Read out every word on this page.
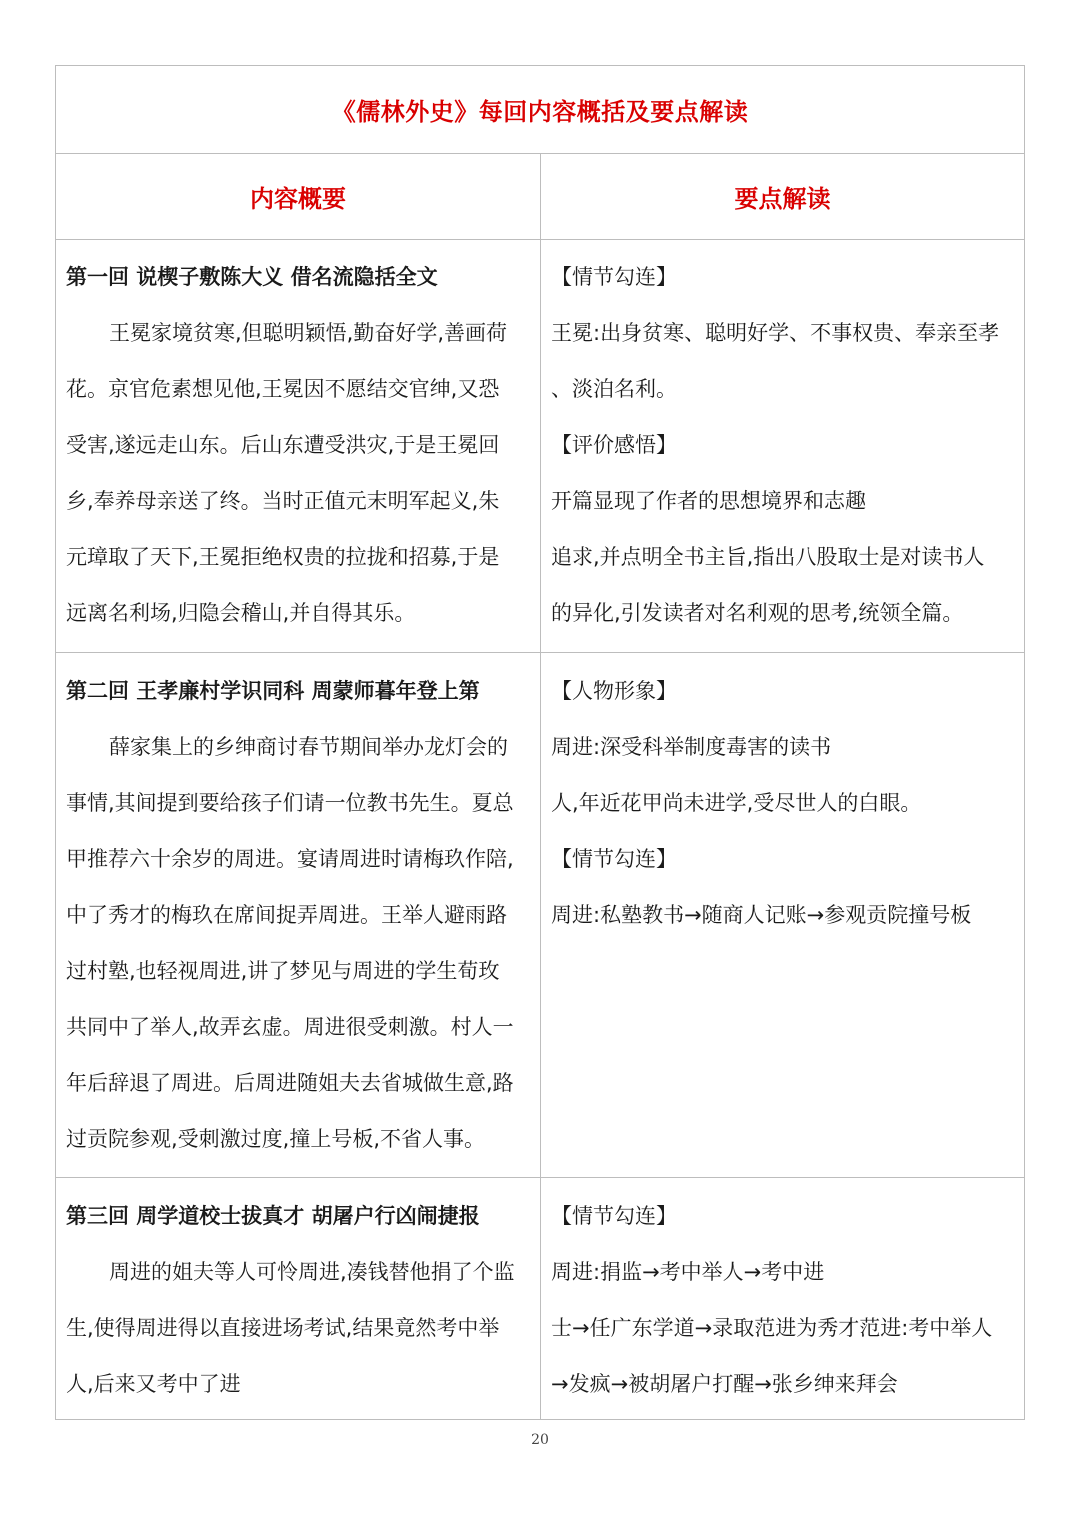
《儒林外史》每回内容概括及要点解读
内容概要	要点解读
第一回 说楔子敷陈大义 借名流隐括全文
王冕家境贫寒,但聪明颖悟,勤奋好学,善画荷
花。京官危素想见他,王冕因不愿结交官绅,又恐
受害,遂远走山东。后山东遭受洪灾,于是王冕回
乡,奉养母亲送了终。当时正值元末明军起义,朱
元璋取了天下,王冕拒绝权贵的拉拢和招募,于是
远离名利场,归隐会稽山,并自得其乐。
【情节勾连】
王冕:出身贫寒、聪明好学、不事权贵、奉亲至孝
、淡泊名利。
【评价感悟】
开篇显现了作者的思想境界和志趣
追求,并点明全书主旨,指出八股取士是对读书人
的异化,引发读者对名利观的思考,统领全篇。
第二回 王孝廉村学识同科 周蒙师暮年登上第
薛家集上的乡绅商讨春节期间举办龙灯会的
事情,其间提到要给孩子们请一位教书先生。夏总
甲推荐六十余岁的周进。宴请周进时请梅玖作陪,
中了秀才的梅玖在席间捉弄周进。王举人避雨路
过村塾,也轻视周进,讲了梦见与周进的学生荀玫
共同中了举人,故弄玄虚。周进很受刺激。村人一
年后辞退了周进。后周进随姐夫去省城做生意,路
过贡院参观,受刺激过度,撞上号板,不省人事。
【人物形象】
周进:深受科举制度毒害的读书
人,年近花甲尚未进学,受尽世人的白眼。
【情节勾连】
周进:私塾教书→随商人记账→参观贡院撞号板
第三回 周学道校士拔真才 胡屠户行凶闹捷报
周进的姐夫等人可怜周进,凑钱替他捐了个监
生,使得周进得以直接进场考试,结果竟然考中举
人,后来又考中了进
【情节勾连】
周进:捐监→考中举人→考中进
士→任广东学道→录取范进为秀才范进:考中举人
→发疯→被胡屠户打醒→张乡绅来拜会
20
